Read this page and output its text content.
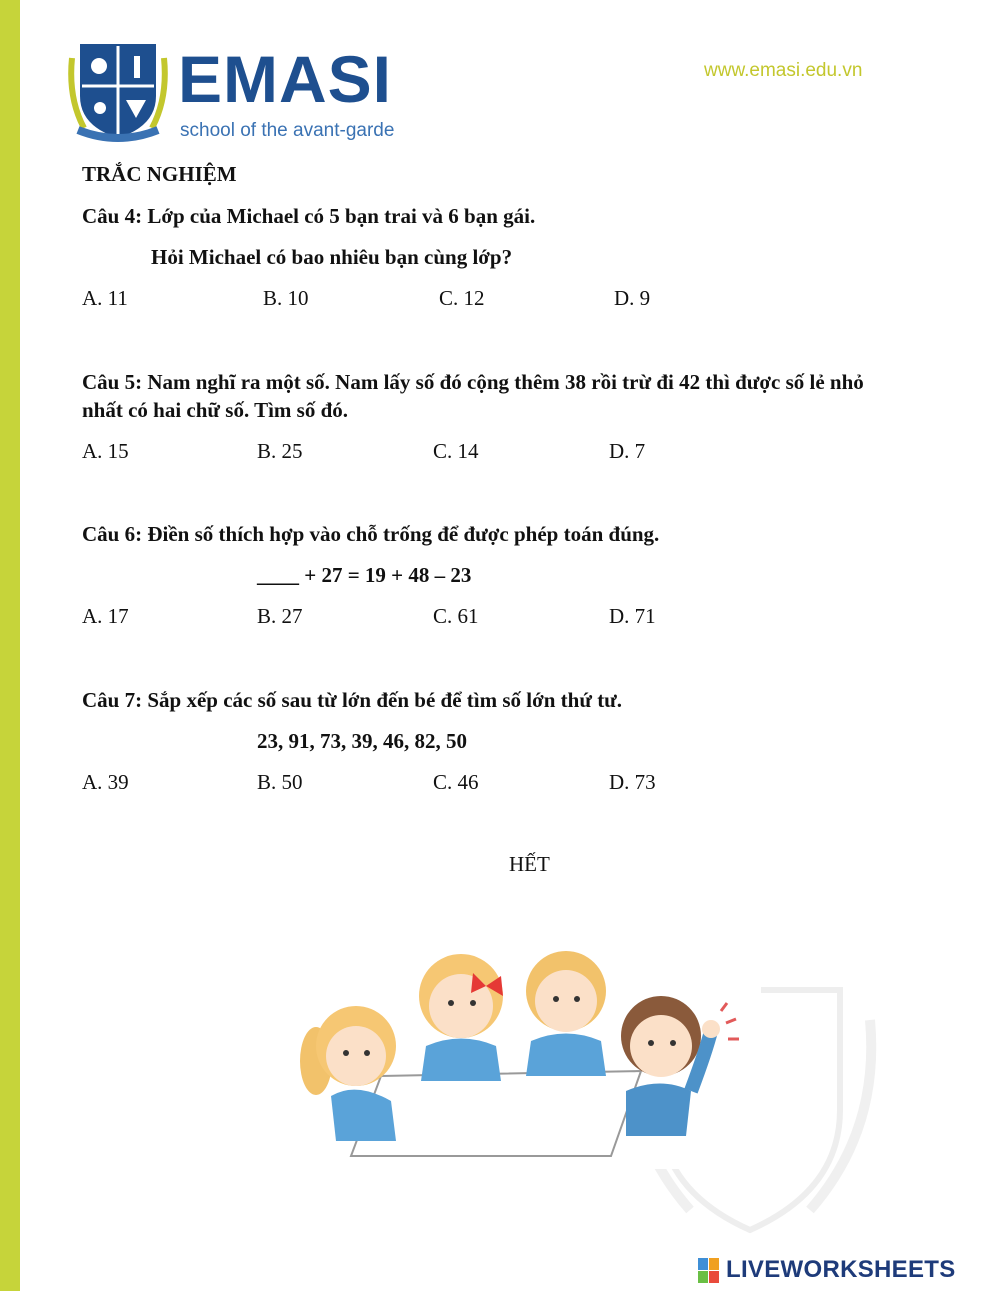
EMASI
school of the avant-garde
www.emasi.edu.vn
TRẮC NGHIỆM
Câu 4: Lớp của Michael có 5 bạn trai và 6 bạn gái.
Hỏi Michael có bao nhiêu bạn cùng lớp?
A. 11	B. 10	C. 12	D. 9
Câu 5: Nam nghĩ ra một số. Nam lấy số đó cộng thêm 38 rồi trừ đi 42 thì được số lẻ nhỏ
nhất có hai chữ số. Tìm số đó.
A. 15	B. 25	C. 14	D. 7
Câu 6: Điền số thích hợp vào chỗ trống để được phép toán đúng.
____ + 27 = 19 + 48 – 23
A. 17	B. 27	C. 61	D. 71
Câu 7: Sắp xếp các số sau từ lớn đến bé để tìm số lớn thứ tư.
23, 91, 73, 39, 46, 82, 50
A. 39	B. 50	C. 46	D. 73
HẾT
LIVEWORKSHEETS
